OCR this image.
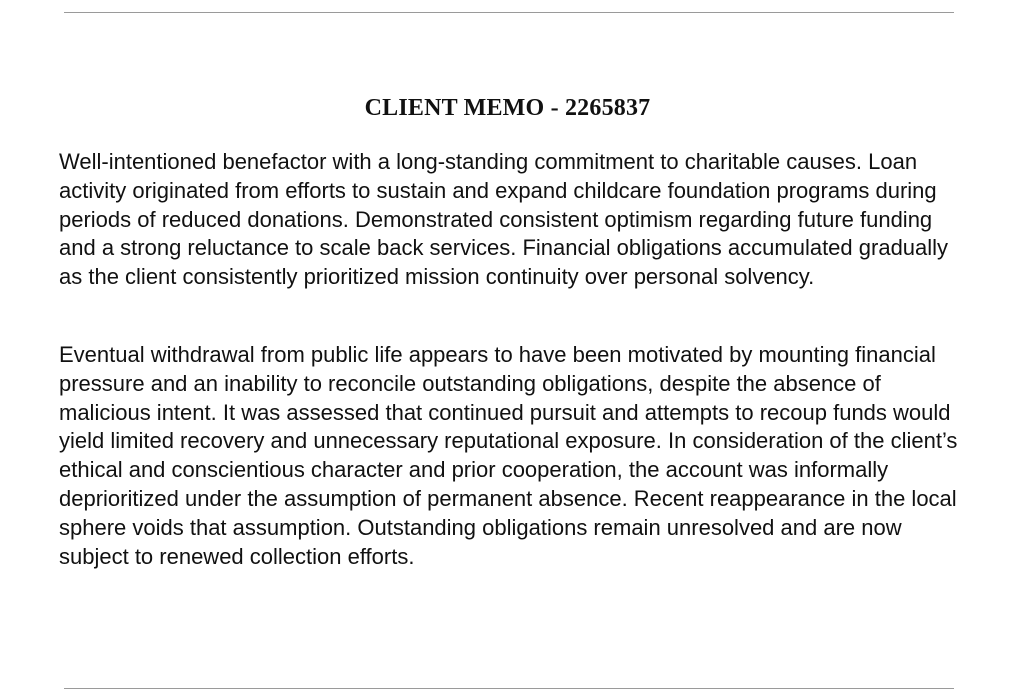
CLIENT MEMO - 2265837

Well-intentioned benefactor with a long-standing commitment to charitable causes. Loan activity originated from efforts to sustain and expand childcare foundation programs during periods of reduced donations. Demonstrated consistent optimism regarding future funding and a strong reluctance to scale back services. Financial obligations accumulated gradually as the client consistently prioritized mission continuity over personal solvency.

Eventual withdrawal from public life appears to have been motivated by mounting financial pressure and an inability to reconcile outstanding obligations, despite the absence of malicious intent. It was assessed that continued pursuit and attempts to recoup funds would yield limited recovery and unnecessary reputational exposure. In consideration of the client’s ethical and conscientious character and prior cooperation, the account was informally deprioritized under the assumption of permanent absence. Recent reappearance in the local sphere voids that assumption. Outstanding obligations remain unresolved and are now subject to renewed collection efforts.
